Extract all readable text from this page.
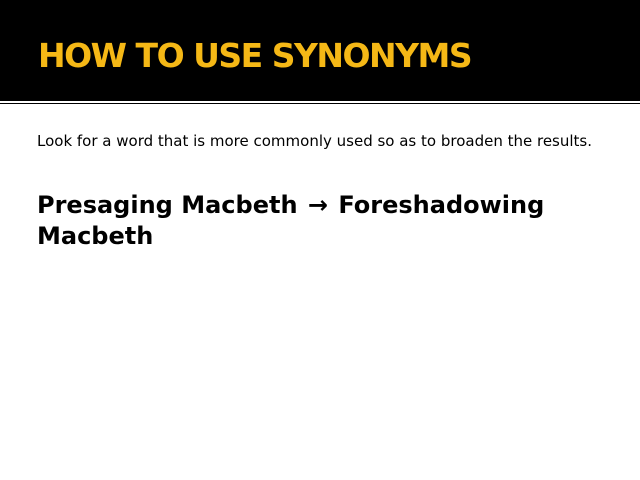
HOW TO USE SYNONYMS

Look for a word that is more commonly used so as to broaden the results.

Presaging Macbeth → Foreshadowing Macbeth
